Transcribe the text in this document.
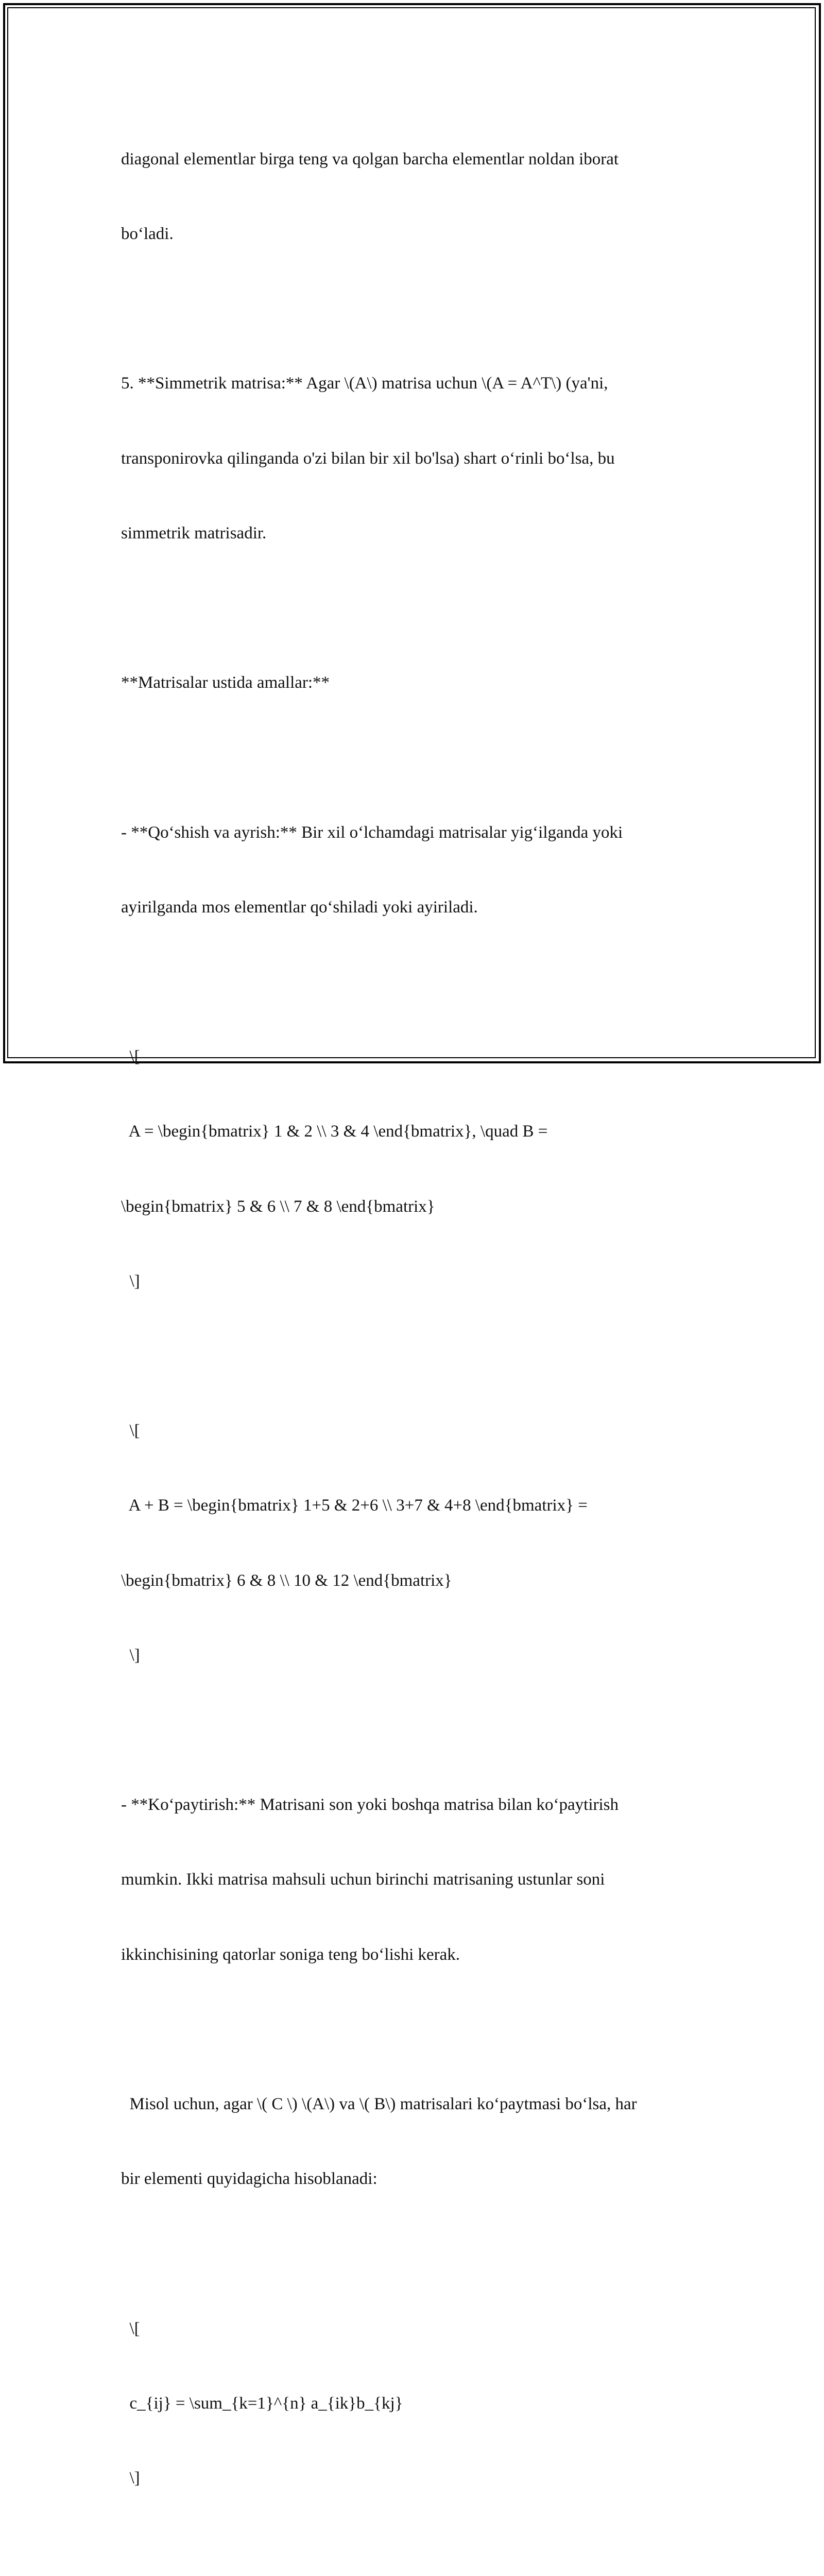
diagonal elementlar birga teng va qolgan barcha elementlar noldan iborat

bo‘ladi.

5. **Simmetrik matrisa:** Agar \(A\) matrisa uchun \(A = A^T\) (ya'ni,

transponirovka qilinganda o'zi bilan bir xil bo'lsa) shart o‘rinli bo‘lsa, bu

simmetrik matrisadir.

**Matrisalar ustida amallar:**

- **Qo‘shish va ayrish:** Bir xil o‘lchamdagi matrisalar yig‘ilganda yoki

ayirilganda mos elementlar qo‘shiladi yoki ayiriladi.

\[

A = \begin{bmatrix} 1 & 2 \\ 3 & 4 \end{bmatrix}, \quad B =

\begin{bmatrix} 5 & 6 \\ 7 & 8 \end{bmatrix}

\]

\[

A + B = \begin{bmatrix} 1+5 & 2+6 \\ 3+7 & 4+8 \end{bmatrix} =

\begin{bmatrix} 6 & 8 \\ 10 & 12 \end{bmatrix}

\]

- **Ko‘paytirish:** Matrisani son yoki boshqa matrisa bilan ko‘paytirish

mumkin. Ikki matrisa mahsuli uchun birinchi matrisaning ustunlar soni

ikkinchisining qatorlar soniga teng bo‘lishi kerak.

Misol uchun, agar \( C \) \(A\) va \( B\) matrisalari ko‘paytmasi bo‘lsa, har

bir elementi quyidagicha hisoblanadi:

\[

c_{ij} = \sum_{k=1}^{n} a_{ik}b_{kj}

\]
